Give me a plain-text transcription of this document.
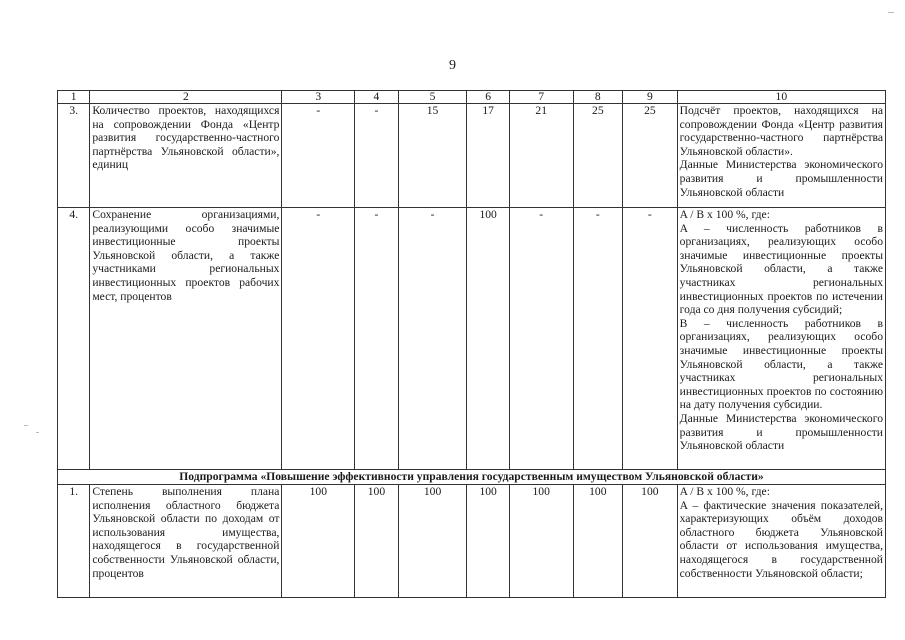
9
1	2	3	4	5	6	7	8	9	10
3.	Количество проектов, находящихся на сопровождении Фонда «Центр развития государственно-частного партнёрства Ульяновской области», единиц	-	-	15	17	21	25	25	Подсчёт проектов, находящихся на сопровождении Фонда «Центр развития государственно-частного партнёрства Ульяновской области».
Данные Министерства экономического развития и промышленности Ульяновской области

4.	Сохранение организациями, реализующими особо значимые инвестиционные проекты Ульяновской области, а также участниками региональных инвестиционных проектов рабочих мест, процентов	-	-	-	100	-	-	-	A / B x 100 %, где:
A – численность работников в организациях, реализующих особо значимые инвестиционные проекты Ульяновской области, а также участниках региональных инвестиционных проектов по истечении года со дня получения субсидий;
B – численность работников в организациях, реализующих особо значимые инвестиционные проекты Ульяновской области, а также участниках региональных инвестиционных проектов по состоянию на дату получения субсидии.
Данные Министерства экономического развития и промышленности Ульяновской области

Подпрограмма «Повышение эффективности управления государственным имуществом Ульяновской области»									
1.	Степень выполнения плана исполнения областного бюджета Ульяновской области по доходам от использования имущества, находящегося в государственной собственности Ульяновской области, процентов	100	100	100	100	100	100	100	A / B x 100 %, где:
A – фактические значения показателей, характеризующих объём доходов областного бюджета Ульяновской области от использования имущества, находящегося в государственной собственности Ульяновской области;
